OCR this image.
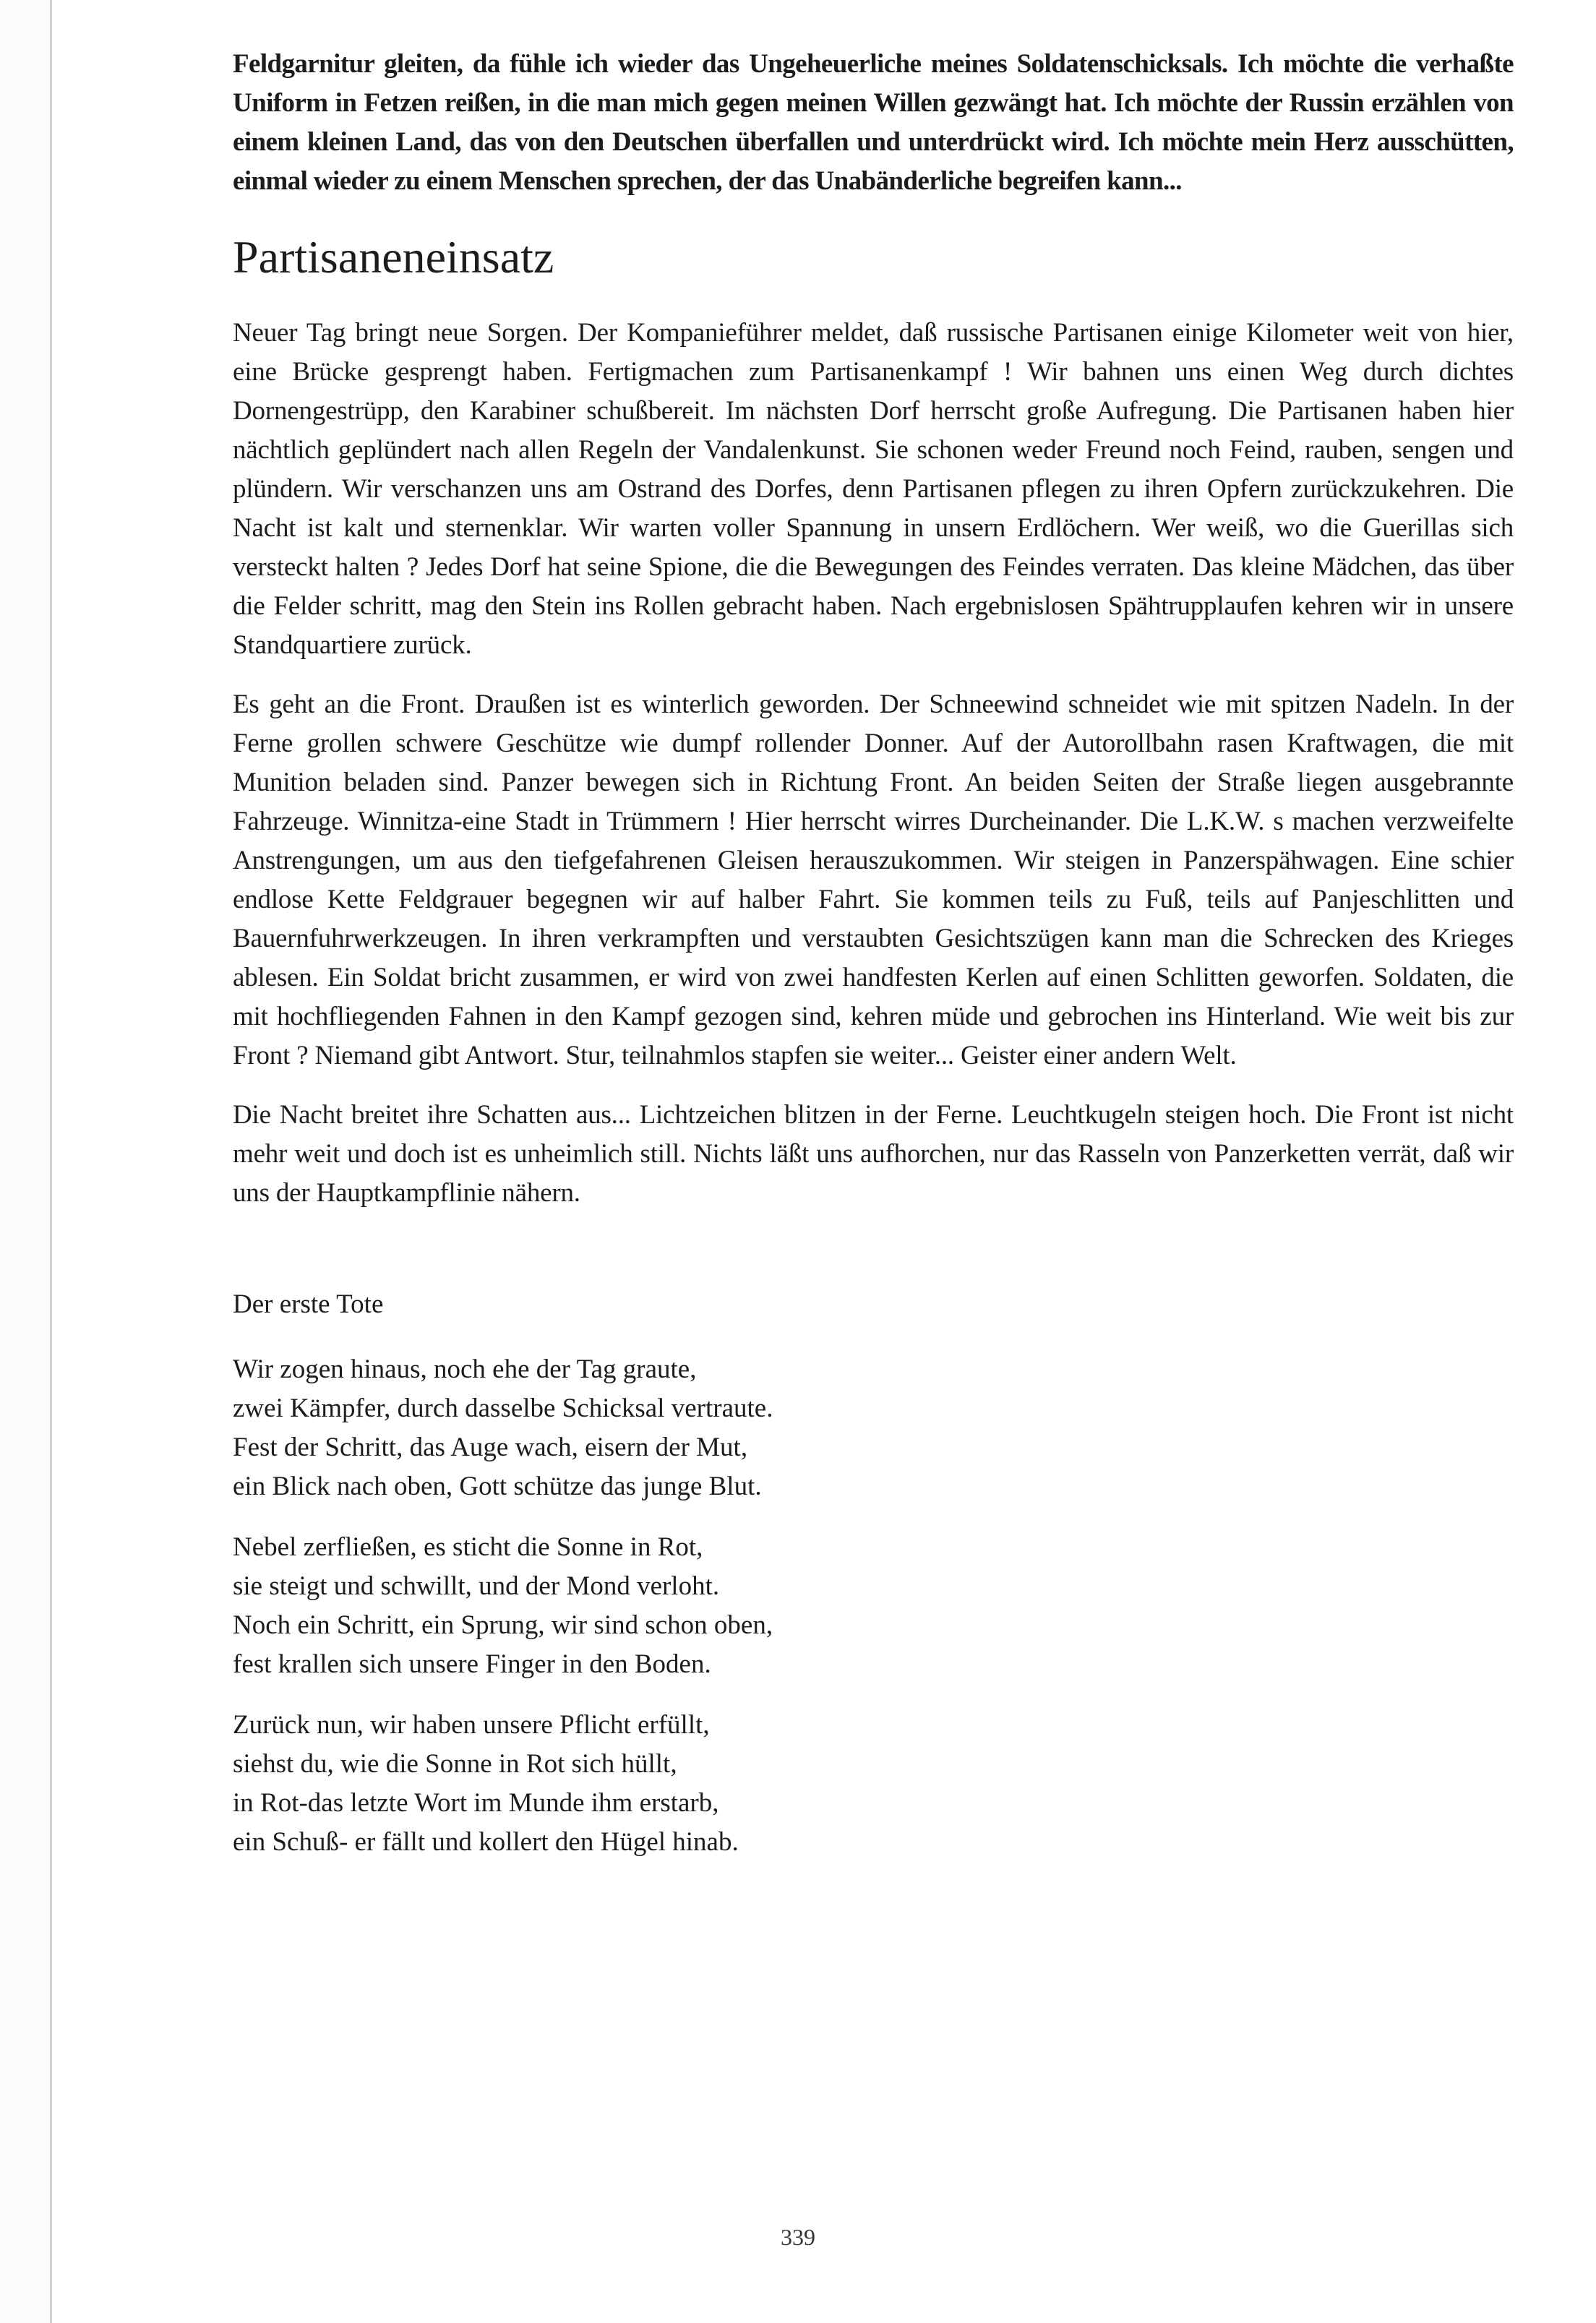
Feldgarnitur gleiten, da fühle ich wieder das Ungeheuerliche meines Soldatenschicksals. Ich möchte die verhaßte Uniform in Fetzen reißen, in die man mich gegen meinen Willen gezwängt hat. Ich möchte der Russin erzählen von einem kleinen Land, das von den Deutschen überfallen und unterdrückt wird. Ich möchte mein Herz ausschütten, einmal wieder zu einem Menschen sprechen, der das Unabänderliche begreifen kann...

Partisaneneinsatz

Neuer Tag bringt neue Sorgen. Der Kompanieführer meldet, daß russische Partisanen einige Kilometer weit von hier, eine Brücke gesprengt haben. Fertigmachen zum Partisanenkampf ! Wir bahnen uns einen Weg durch dichtes Dornengestrüpp, den Karabiner schußbereit. Im nächsten Dorf herrscht große Aufregung. Die Partisanen haben hier nächtlich geplündert nach allen Regeln der Vandalenkunst. Sie schonen weder Freund noch Feind, rauben, sengen und plündern. Wir verschanzen uns am Ostrand des Dorfes, denn Partisanen pflegen zu ihren Opfern zurückzukehren. Die Nacht ist kalt und sternenklar. Wir warten voller Spannung in unsern Erdlöchern. Wer weiß, wo die Guerillas sich versteckt halten ? Jedes Dorf hat seine Spione, die die Bewegungen des Feindes verraten. Das kleine Mädchen, das über die Felder schritt, mag den Stein ins Rollen gebracht haben. Nach ergebnislosen Spähtrupplaufen kehren wir in unsere Standquartiere zurück.

Es geht an die Front. Draußen ist es winterlich geworden. Der Schneewind schneidet wie mit spitzen Nadeln. In der Ferne grollen schwere Geschütze wie dumpf rollender Donner. Auf der Autorollbahn rasen Kraftwagen, die mit Munition beladen sind. Panzer bewegen sich in Richtung Front. An beiden Seiten der Straße liegen ausgebrannte Fahrzeuge. Winnitza-eine Stadt in Trümmern ! Hier herrscht wirres Durcheinander. Die L.K.W. s machen verzweifelte Anstrengungen, um aus den tiefgefahrenen Gleisen herauszukommen. Wir steigen in Panzerspähwagen. Eine schier endlose Kette Feldgrauer begegnen wir auf halber Fahrt. Sie kommen teils zu Fuß, teils auf Panjeschlitten und Bauernfuhrwerkzeugen. In ihren verkrampften und verstaubten Gesichtszügen kann man die Schrecken des Krieges ablesen. Ein Soldat bricht zusammen, er wird von zwei handfesten Kerlen auf einen Schlitten geworfen. Soldaten, die mit hochfliegenden Fahnen in den Kampf gezogen sind, kehren müde und gebrochen ins Hinterland. Wie weit bis zur Front ? Niemand gibt Antwort. Stur, teilnahmlos stapfen sie weiter... Geister einer andern Welt.

Die Nacht breitet ihre Schatten aus... Lichtzeichen blitzen in der Ferne. Leuchtkugeln steigen hoch. Die Front ist nicht mehr weit und doch ist es unheimlich still. Nichts läßt uns aufhorchen, nur das Rasseln von Panzerketten verrät, daß wir uns der Hauptkampflinie nähern.

Der erste Tote
Wir zogen hinaus, noch ehe der Tag graute,
zwei Kämpfer, durch dasselbe Schicksal vertraute.
Fest der Schritt, das Auge wach, eisern der Mut,
ein Blick nach oben, Gott schütze das junge Blut.
Nebel zerfließen, es sticht die Sonne in Rot,
sie steigt und schwillt, und der Mond verloht.
Noch ein Schritt, ein Sprung, wir sind schon oben,
fest krallen sich unsere Finger in den Boden.
Zurück nun, wir haben unsere Pflicht erfüllt,
siehst du, wie die Sonne in Rot sich hüllt,
in Rot-das letzte Wort im Munde ihm erstarb,
ein Schuß- er fällt und kollert den Hügel hinab.
339
